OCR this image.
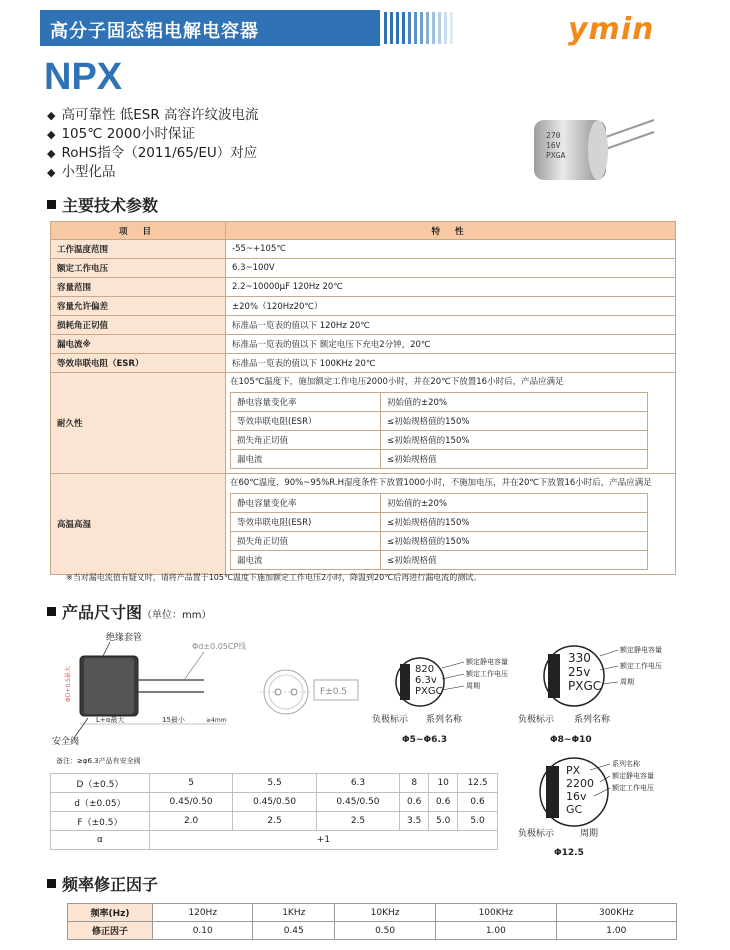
高分子固态铝电解电容器	ymin
NPX
◆ 高可靠性 低ESR 高容许纹波电流
◆ 105℃ 2000小时保证
◆ RoHS指令（2011/65/EU）对应
◆ 小型化品
270
16V
PXGA
主要技术参数
项 目	特 性
工作温度范围	-55~+105℃
额定工作电压	6.3~100V
容量范围	2.2~10000μF 120Hz 20℃
容量允许偏差	±20%（120Hz20℃）
损耗角正切值	标准品一览表的值以下 120Hz 20℃
漏电流※	标准品一览表的值以下 额定电压下充电2分钟，20℃
等效串联电阻（ESR）	标准品一览表的值以下 100KHz 20℃
耐久性	
在105℃温度下，施加额定工作电压2000小时，并在20℃下放置16小时后，产品应满足
静电容量变化率	初始值的±20%
等效串联电阻(ESR）	≤初始规格值的150%
损失角正切值	≤初始规格值的150%
漏电流	≤初始规格值

高温高湿	
在60℃温度、90%~95%R.H湿度条件下放置1000小时，不施加电压，并在20℃下放置16小时后，产品应满足
静电容量变化率	初始值的±20%
等效串联电阻(ESR)	≤初始规格值的150%
损失角正切值	≤初始规格值的150%
漏电流	≤初始规格值
※当对漏电流值有疑义时，请将产品置于105℃温度下施加额定工作电压2小时，降温到20℃后再进行漏电流的测试。
产品尺寸图（单位：mm）
绝缘套管
Φd±0.05CP线
ΦD+0.5最大
L+α最大	15最小	≥4mm
安全阀
F±0.5
备注：≥φ6.3产品有安全阀
820
6.3v
PXGC
额定静电容量
额定工作电压
周期
负极标示 系列名称
Φ5~Φ6.3
330
25v
PXGC
额定静电容量
额定工作电压
周期
负极标示 系列名称
Φ8~Φ10
PX
2200
16v
GC
系列名称
额定静电容量
额定工作电压
负极标示	周期
Φ12.5
D（±0.5）	5	5.5	6.3	8	10	12.5
d（±0.05）	0.45/0.50	0.45/0.50	0.45/0.50	0.6	0.6	0.6
F（±0.5）	2.0	2.5	2.5	3.5	5.0	5.0
α	+1					
频率修正因子
频率(Hz)	120Hz	1KHz	10KHz	100KHz	300KHz
修正因子	0.10	0.45	0.50	1.00	1.00
